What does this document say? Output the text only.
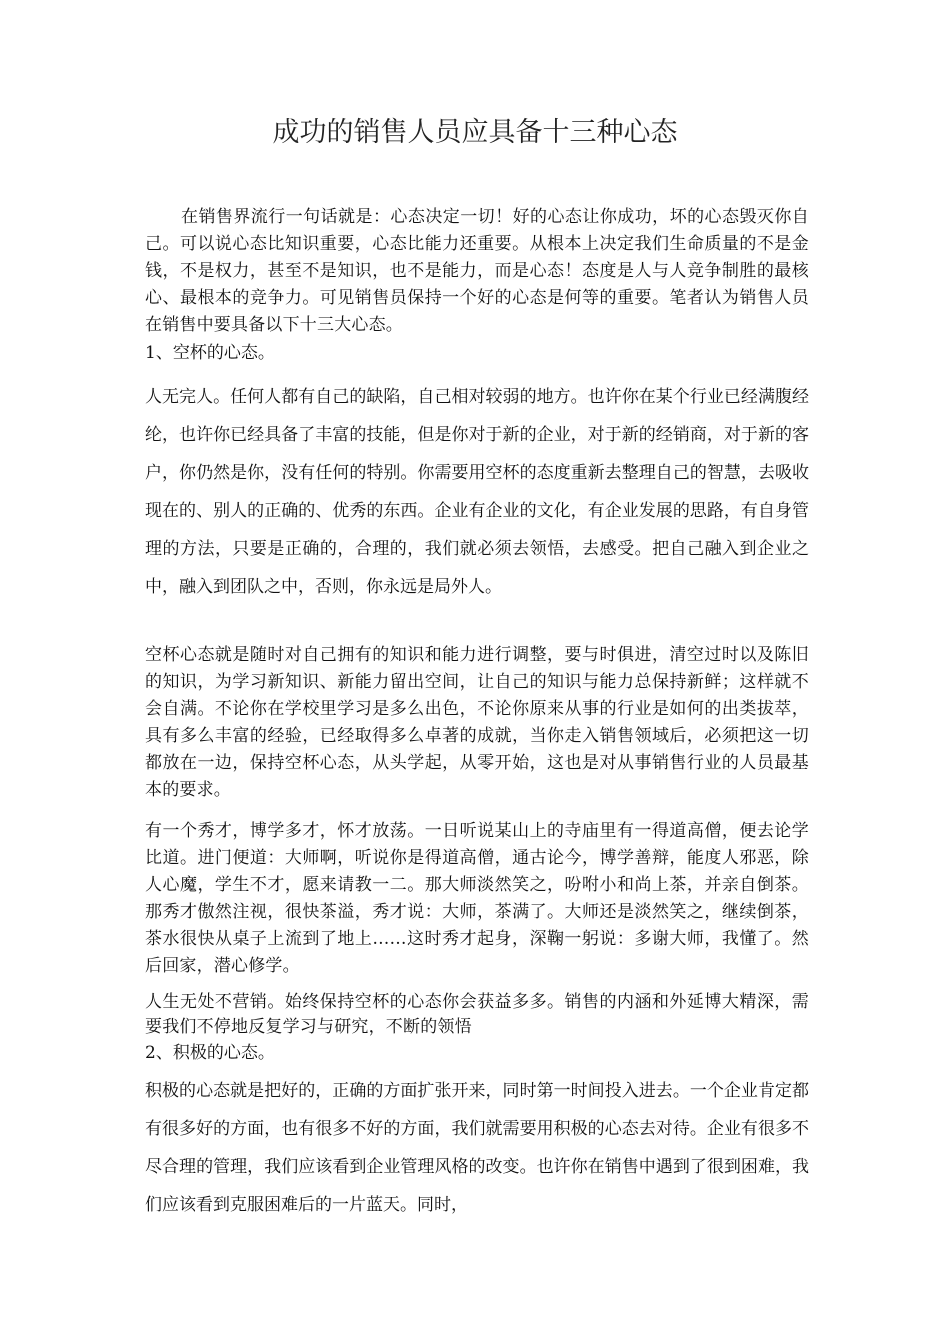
成功的销售人员应具备十三种心态

在销售界流行一句话就是：心态决定一切！好的心态让你成功，坏的心态毁灭你自己。可以说心态比知识重要，心态比能力还重要。从根本上决定我们生命质量的不是金钱，不是权力，甚至不是知识，也不是能力，而是心态！态度是人与人竞争制胜的最核心、最根本的竞争力。可见销售员保持一个好的心态是何等的重要。笔者认为销售人员在销售中要具备以下十三大心态。

1、空杯的心态。

人无完人。任何人都有自己的缺陷，自己相对较弱的地方。也许你在某个行业已经满腹经纶，也许你已经具备了丰富的技能，但是你对于新的企业，对于新的经销商，对于新的客户，你仍然是你，没有任何的特别。你需要用空杯的态度重新去整理自己的智慧，去吸收现在的、别人的正确的、优秀的东西。企业有企业的文化，有企业发展的思路，有自身管理的方法，只要是正确的，合理的，我们就必须去领悟，去感受。把自己融入到企业之中，融入到团队之中，否则，你永远是局外人。

空杯心态就是随时对自己拥有的知识和能力进行调整，要与时俱进，清空过时以及陈旧的知识，为学习新知识、新能力留出空间，让自己的知识与能力总保持新鲜；这样就不会自满。不论你在学校里学习是多么出色，不论你原来从事的行业是如何的出类拔萃，具有多么丰富的经验，已经取得多么卓著的成就，当你走入销售领域后，必须把这一切都放在一边，保持空杯心态，从头学起，从零开始，这也是对从事销售行业的人员最基本的要求。

有一个秀才，博学多才，怀才放荡。一日听说某山上的寺庙里有一得道高僧，便去论学比道。进门便道：大师啊，听说你是得道高僧，通古论今，博学善辩，能度人邪恶，除人心魔，学生不才，愿来请教一二。那大师淡然笑之，吩咐小和尚上茶，并亲自倒茶。那秀才傲然注视，很快茶溢，秀才说：大师，茶满了。大师还是淡然笑之，继续倒茶，茶水很快从桌子上流到了地上……这时秀才起身，深鞠一躬说：多谢大师，我懂了。然后回家，潜心修学。

人生无处不营销。始终保持空杯的心态你会获益多多。销售的内涵和外延博大精深，需要我们不停地反复学习与研究，不断的领悟

2、积极的心态。

积极的心态就是把好的，正确的方面扩张开来，同时第一时间投入进去。一个企业肯定都有很多好的方面，也有很多不好的方面，我们就需要用积极的心态去对待。企业有很多不尽合理的管理，我们应该看到企业管理风格的改变。也许你在销售中遇到了很到困难，我们应该看到克服困难后的一片蓝天。同时，
